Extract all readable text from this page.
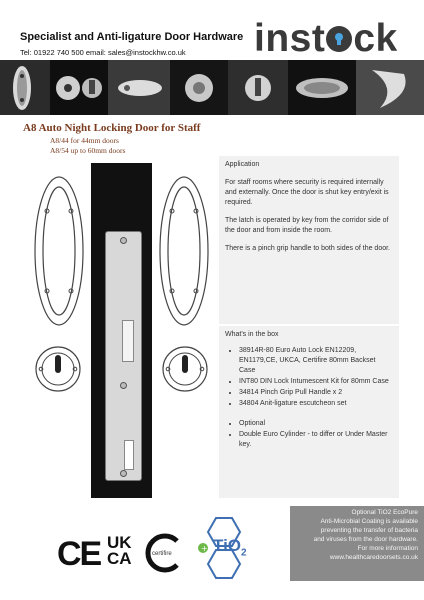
Specialist and Anti-ligature Door Hardware
Tel: 01922 740 500 email: sales@instockhw.co.uk inst ck
A8 Auto Night Locking Door for Staff
A8/44 for 44mm doors
A8/54 up to 60mm doors

Application

For staff rooms where security is required internally and externally. Once the door is shut key entry/exit is required.

The latch is operated by key from the corridor side of the door and from inside the room.

There is a pinch grip handle to both sides of the door.

What's in the box
• 38914R-80 Euro Auto Lock EN12209, EN1179,CE, UKCA, Certifire 80mm Backset Case
• INT80 DIN Lock Intumescent Kit for 80mm Case
• 34814 Pinch Grip Pull Handle x 2
• 34804 Anit-ligature escutcheon set
• Optional
• Double Euro Cylinder - to differ or Under Master key.
CE UK
CA	certifire
+ TiO$_2$
Optional TiO2 EcoPure
Anti-Microbial Coating is available
preventing the transfer of bacteria
and viruses from the door hardware.
For more information
www.healthcaredoorsets.co.uk
